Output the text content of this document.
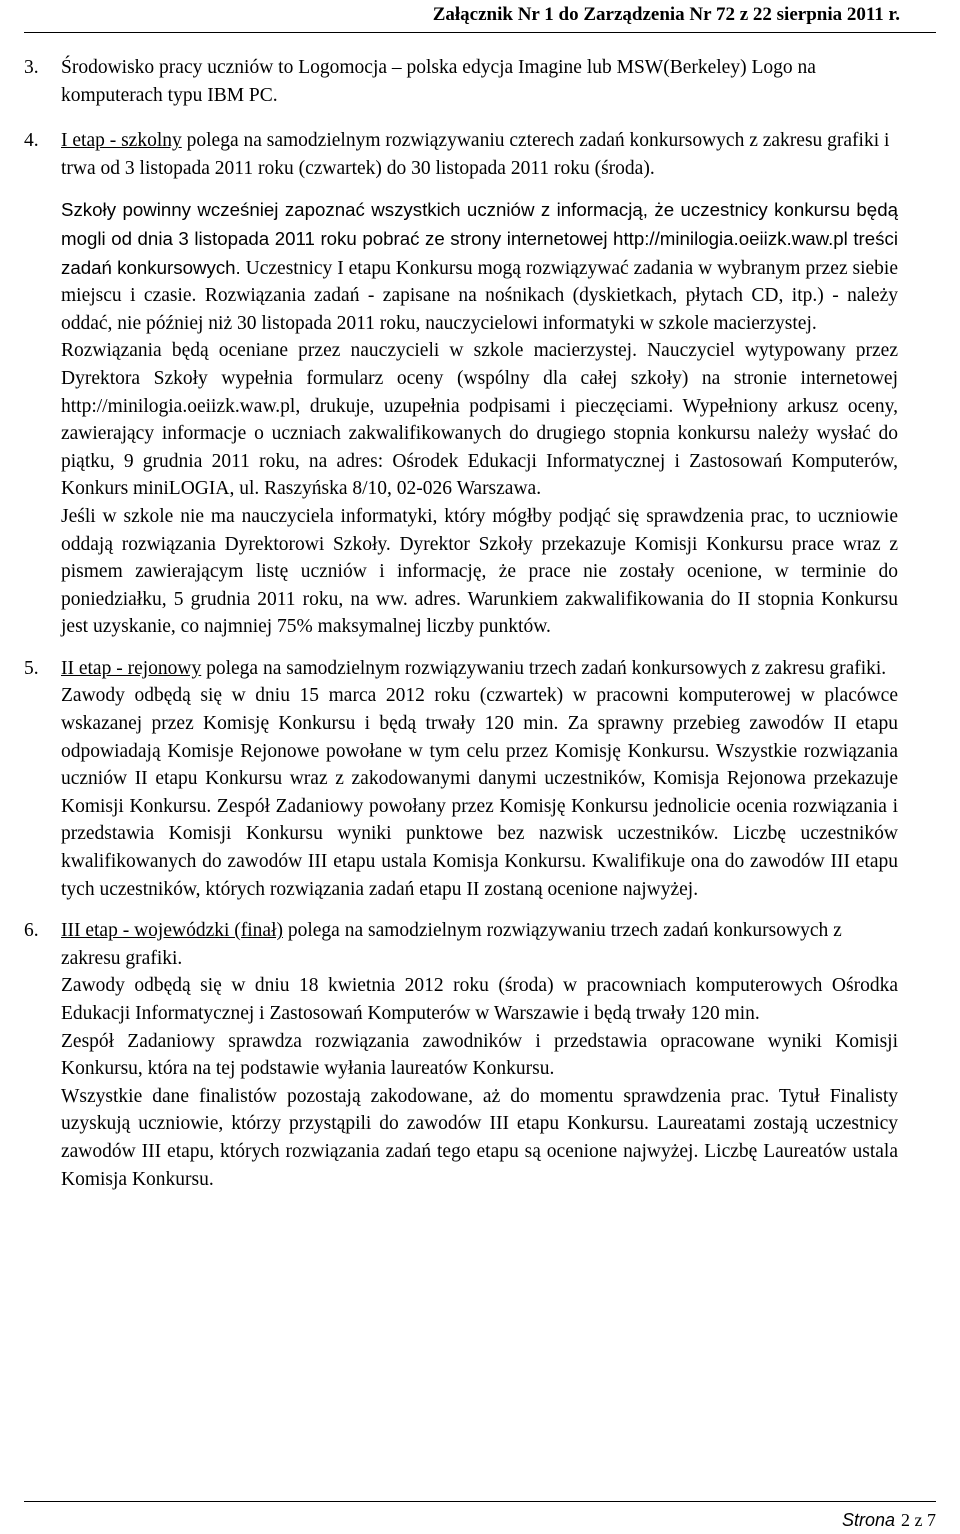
Załącznik Nr 1 do Zarządzenia Nr 72 z 22 sierpnia 2011 r.
3. Środowisko pracy uczniów to Logomocja – polska edycja Imagine lub MSW(Berkeley) Logo na komputerach typu IBM PC.

4. I etap - szkolny polega na samodzielnym rozwiązywaniu czterech zadań konkursowych z zakresu grafiki i trwa od 3 listopada 2011 roku (czwartek) do 30 listopada 2011 roku (środa).

Szkoły powinny wcześniej zapoznać wszystkich uczniów z informacją, że uczestnicy konkursu będą mogli od dnia 3 listopada 2011 roku pobrać ze strony internetowej http://minilogia.oeiizk.waw.pl treści zadań konkursowych. Uczestnicy I etapu Konkursu mogą rozwiązywać zadania w wybranym przez siebie miejscu i czasie. Rozwiązania zadań - zapisane na nośnikach (dyskietkach, płytach CD, itp.) - należy oddać, nie później niż 30 listopada 2011 roku, nauczycielowi informatyki w szkole macierzystej.

Rozwiązania będą oceniane przez nauczycieli w szkole macierzystej. Nauczyciel wytypowany przez Dyrektora Szkoły wypełnia formularz oceny (wspólny dla całej szkoły) na stronie internetowej http://minilogia.oeiizk.waw.pl, drukuje, uzupełnia podpisami i pieczęciami. Wypełniony arkusz oceny, zawierający informacje o uczniach zakwalifikowanych do drugiego stopnia konkursu należy wysłać do piątku, 9 grudnia 2011 roku, na adres: Ośrodek Edukacji Informatycznej i Zastosowań Komputerów, Konkurs miniLOGIA, ul. Raszyńska 8/10, 02-026 Warszawa.

Jeśli w szkole nie ma nauczyciela informatyki, który mógłby podjąć się sprawdzenia prac, to uczniowie oddają rozwiązania Dyrektorowi Szkoły. Dyrektor Szkoły przekazuje Komisji Konkursu prace wraz z pismem zawierającym listę uczniów i informację, że prace nie zostały ocenione, w terminie do poniedziałku, 5 grudnia 2011 roku, na ww. adres. Warunkiem zakwalifikowania do II stopnia Konkursu jest uzyskanie, co najmniej 75% maksymalnej liczby punktów.

5. II etap - rejonowy polega na samodzielnym rozwiązywaniu trzech zadań konkursowych z zakresu grafiki.

Zawody odbędą się w dniu 15 marca 2012 roku (czwartek) w pracowni komputerowej w placówce wskazanej przez Komisję Konkursu i będą trwały 120 min. Za sprawny przebieg zawodów II etapu odpowiadają Komisje Rejonowe powołane w tym celu przez Komisję Konkursu. Wszystkie rozwiązania uczniów II etapu Konkursu wraz z zakodowanymi danymi uczestników, Komisja Rejonowa przekazuje Komisji Konkursu. Zespół Zadaniowy powołany przez Komisję Konkursu jednolicie ocenia rozwiązania i przedstawia Komisji Konkursu wyniki punktowe bez nazwisk uczestników. Liczbę uczestników kwalifikowanych do zawodów III etapu ustala Komisja Konkursu. Kwalifikuje ona do zawodów III etapu tych uczestników, których rozwiązania zadań etapu II zostaną ocenione najwyżej.

6. III etap - wojewódzki (finał) polega na samodzielnym rozwiązywaniu trzech zadań konkursowych z zakresu grafiki.

Zawody odbędą się w dniu 18 kwietnia 2012 roku (środa) w pracowniach komputerowych Ośrodka Edukacji Informatycznej i Zastosowań Komputerów w Warszawie i będą trwały 120 min.

Zespół Zadaniowy sprawdza rozwiązania zawodników i przedstawia opracowane wyniki Komisji Konkursu, która na tej podstawie wyłania laureatów Konkursu.

Wszystkie dane finalistów pozostają zakodowane, aż do momentu sprawdzenia prac. Tytuł Finalisty uzyskują uczniowie, którzy przystąpili do zawodów III etapu Konkursu. Laureatami zostają uczestnicy zawodów III etapu, których rozwiązania zadań tego etapu są ocenione najwyżej. Liczbę Laureatów ustala Komisja Konkursu.

Strona 2 z 7
